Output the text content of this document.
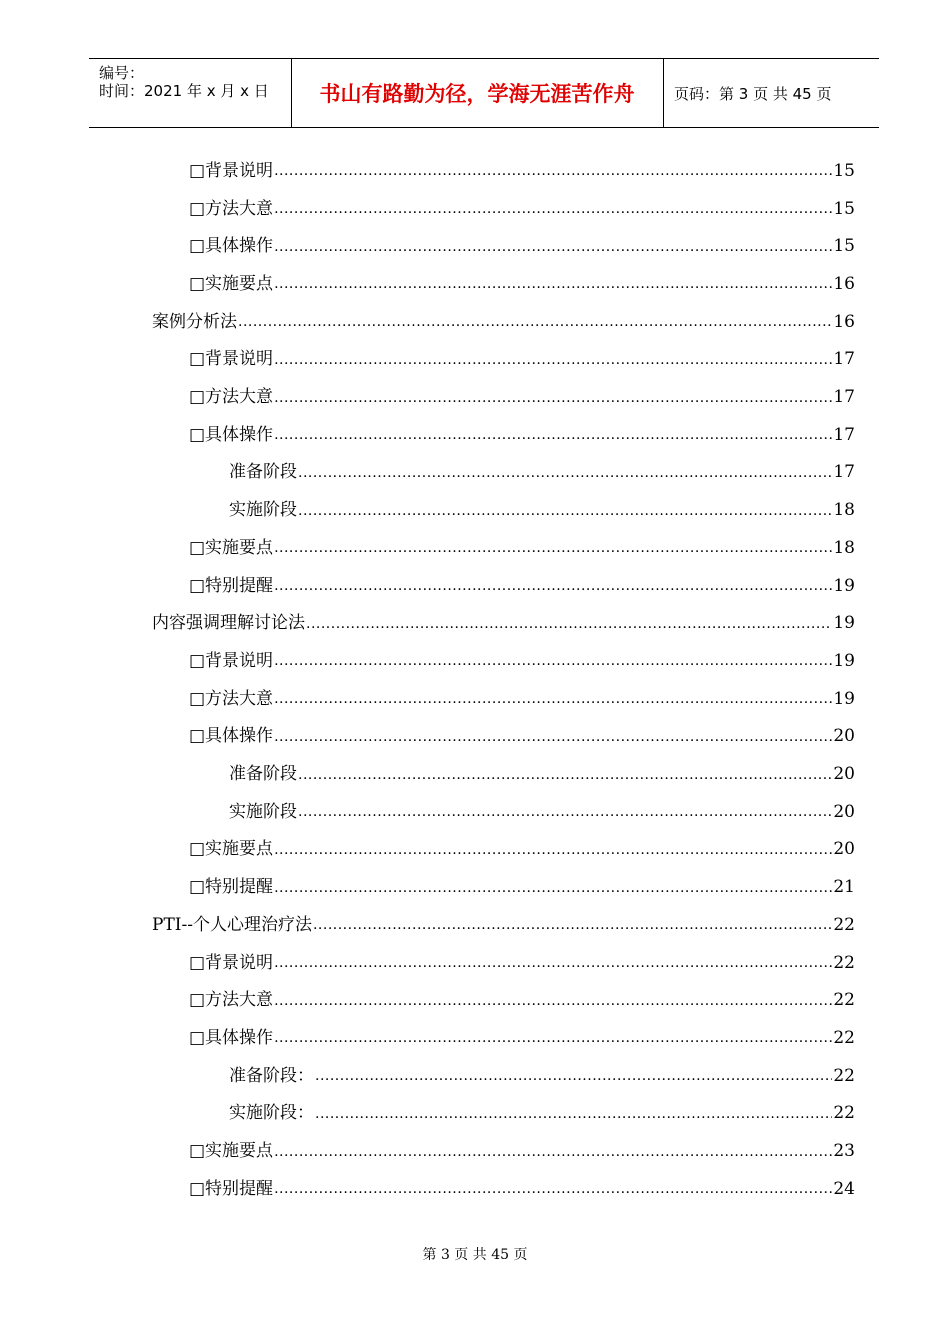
编号：
时间：2021 年 x 月 x 日	书山有路勤为径，学海无涯苦作舟	页码：第 3 页 共 45 页
□背景说明 .....	15
□方法大意 .....	15
□具体操作 .....	15
□实施要点 .....	16
案例分析法 .....	16
□背景说明 .....	17
□方法大意 .....	17
□具体操作 .....	17
准备阶段 .....	17
实施阶段 .....	18
□实施要点 .....	18
□特别提醒 .....	19
内容强调理解讨论法 .....	19
□背景说明 .....	19
□方法大意 .....	19
□具体操作 .....	20
准备阶段 .....	20
实施阶段 .....	20
□实施要点 .....	20
□特别提醒 .....	21
PTI--个人心理治疗法 .....	22
□背景说明 .....	22
□方法大意 .....	22
□具体操作 .....	22
准备阶段： .....	22
实施阶段： .....	22
□实施要点 .....	23
□特别提醒 .....	24
第 3 页 共 45 页
